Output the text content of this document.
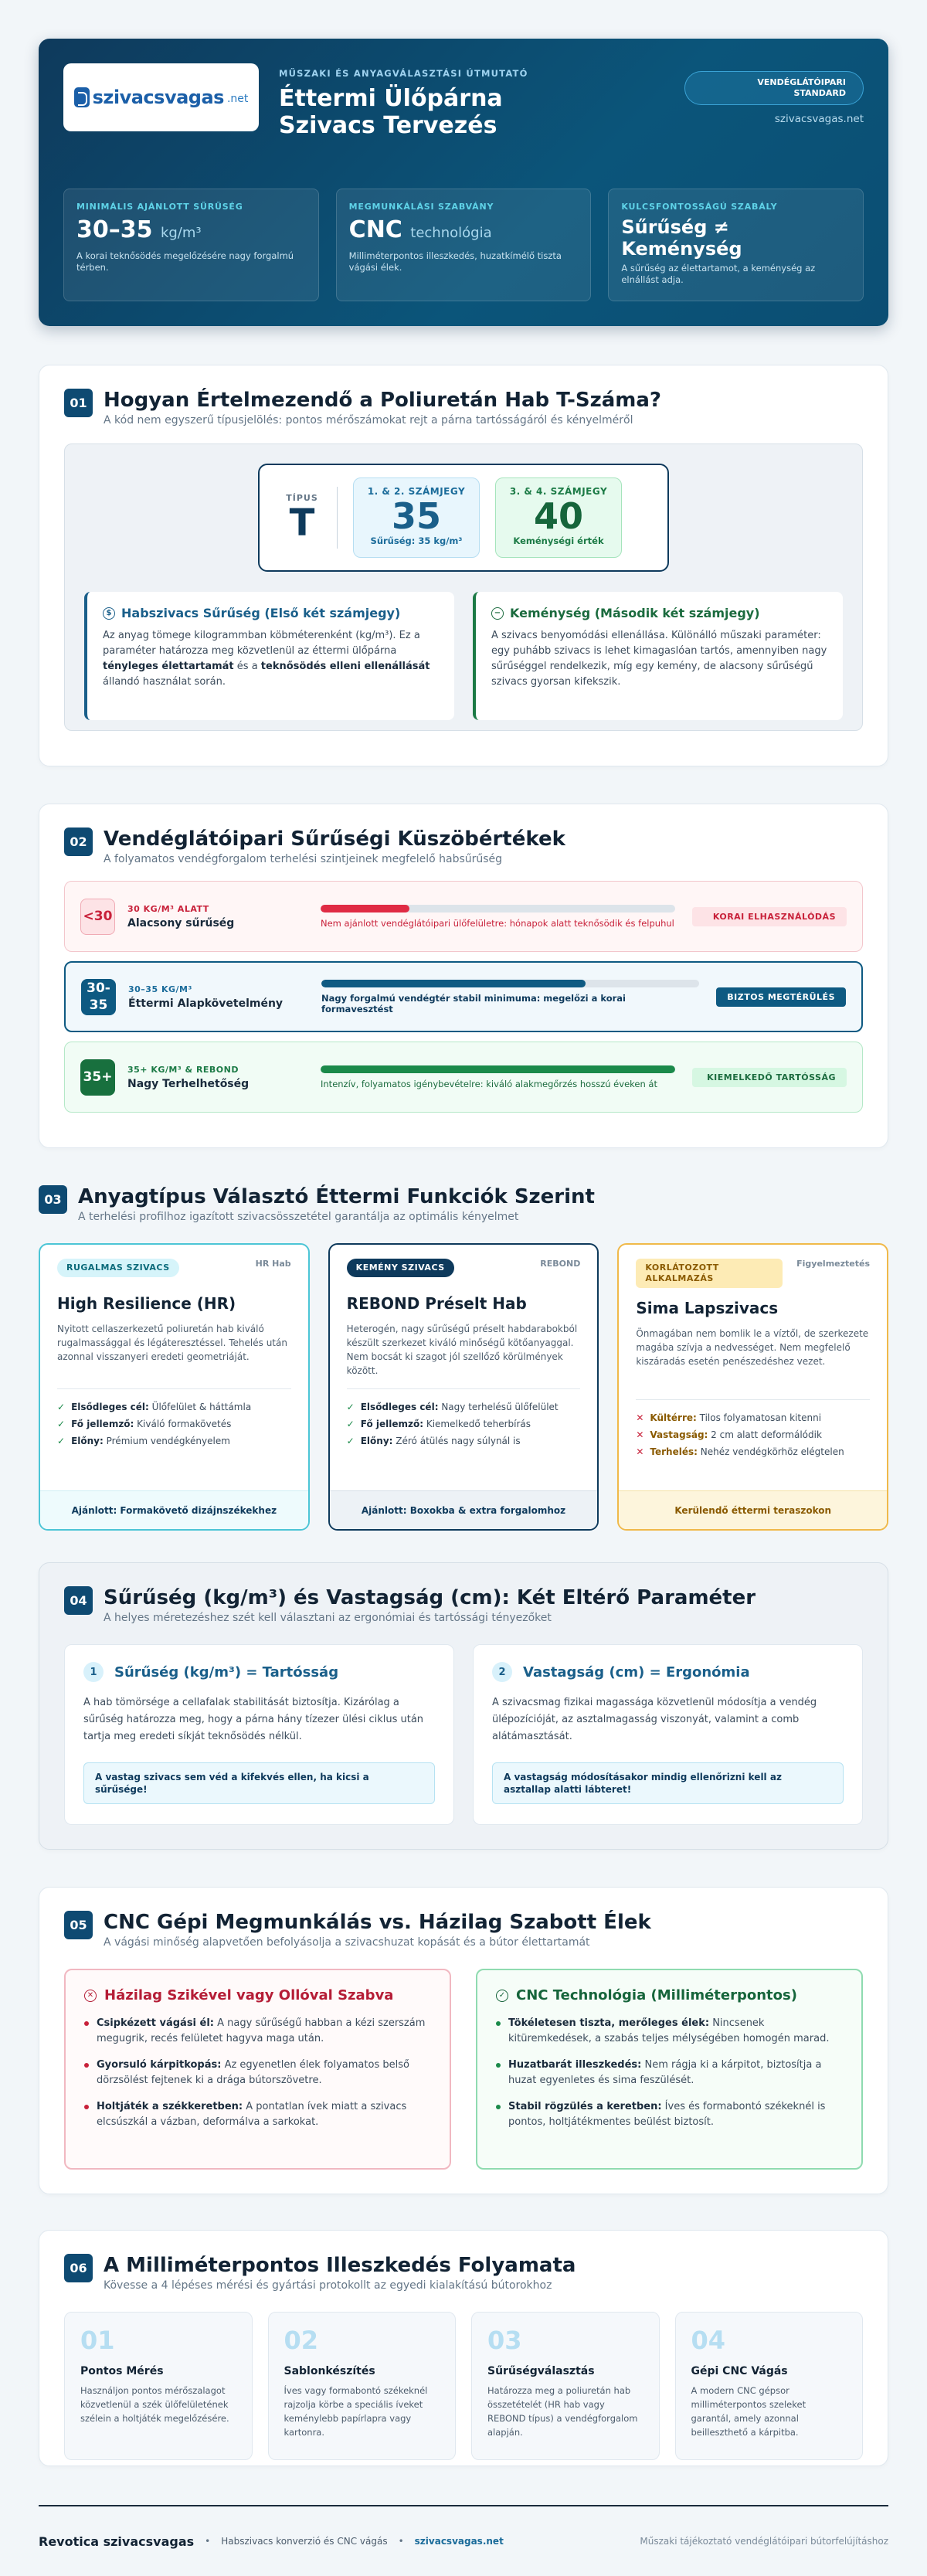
szivacsvagas .net
MŰSZAKI ÉS ANYAGVÁLASZTÁSI ÚTMUTATÓ
Éttermi Ülőpárna Szivacs Tervezés
VENDÉGLÁTÓIPARI STANDARD
szivacsvagas.net
MINIMÁLIS AJÁNLOTT SŰRŰSÉG
30–35 kg/m³
A korai teknősödés megelőzésére nagy forgalmú térben.
MEGMUNKÁLÁSI SZABVÁNY
CNC technológia
Milliméterpontos illeszkedés, huzatkímélő tiszta vágási élek.
KULCSFONTOSSÁGÚ SZABÁLY
Sűrűség ≠ Keménység
A sűrűség az élettartamot, a keménység az elnállást adja.
01 Hogyan Értelmezendő a Poliuretán Hab T-Száma?
A kód nem egyszerű típusjelölés: pontos mérőszámokat rejt a párna tartósságáról és kényelméről
TÍPUS
T
1. & 2. SZÁMJEGY
35
Sűrűség: 35 kg/m³
3. & 4. SZÁMJEGY
40
Keménységi érték
$ Habszivacs Sűrűség (Első két számjegy)
Az anyag tömege kilogrammban köbméterenként (kg/m³). Ez a paraméter határozza meg közvetlenül az éttermi ülőpárna tényleges élettartamát és a teknősödés elleni ellenállását állandó használat során.
− Keménység (Második két számjegy)
A szivacs benyomódási ellenállása. Különálló műszaki paraméter: egy puhább szivacs is lehet kimagaslóan tartós, amennyiben nagy sűrűséggel rendelkezik, míg egy kemény, de alacsony sűrűségű szivacs gyorsan kifekszik.
02 Vendéglátóipari Sűrűségi Küszöbértékek
A folyamatos vendégforgalom terhelési szintjeinek megfelelő habsűrűség
<30	30 KG/M³ ALATT
Alacsony sűrűség	Nem ajánlott vendéglátóipari ülőfelületre: hónapok alatt teknősödik és felpuhul
KORAI ELHASZNÁLÓDÁS
30-35
30–35 KG/M³
Éttermi Alapkövetelmény	Nagy forgalmú vendégtér stabil minimuma: megelőzi a korai formavesztést
BIZTOS MEGTÉRÜLÉS
35+	35+ KG/M³ & REBOND
Nagy Terhelhetőség	Intenzív, folyamatos igénybevételre: kiváló alakmegőrzés hosszú éveken át
KIEMELKEDŐ TARTÓSSÁG
03 Anyagtípus Választó Éttermi Funkciók Szerint
A terhelési profilhoz igazított szivacsösszetétel garantálja az optimális kényelmet
RUGALMAS SZIVACS	HR Hab
High Resilience (HR)
Nyitott cellaszerkezetű poliuretán hab kiváló rugalmassággal és légáteresztéssel. Tehelés után azonnal visszanyeri eredeti geometriáját.
✓ Elsődleges cél: Ülőfelület & háttámla
✓ Fő jellemző: Kiváló formakövetés
✓ Előny: Prémium vendégkényelem
Ajánlott: Formakövető dizájnszékekhez
KEMÉNY SZIVACS	REBOND
REBOND Préselt Hab
Heterogén, nagy sűrűségű préselt habdarabokból készült szerkezet kiváló minőségű kötőanyaggal. Nem bocsát ki szagot jól szellőző körülmények között.
✓ Elsődleges cél: Nagy terhelésű ülőfelület
✓ Fő jellemző: Kiemelkedő teherbírás
✓ Előny: Zéró átülés nagy súlynál is
Ajánlott: Boxokba & extra forgalomhoz
KORLÁTOZOTT ALKALMAZÁS
Figyelmeztetés
Sima Lapszivacs
Önmagában nem bomlik le a víztől, de szerkezete magába szívja a nedvességet. Nem megfelelő kiszáradás esetén penészedéshez vezet.
✕ Kültérre: Tilos folyamatosan kitenni
✕ Vastagság: 2 cm alatt deformálódik
✕ Terhelés: Nehéz vendégkörhöz elégtelen
Kerülendő éttermi teraszokon
04 Sűrűség (kg/m³) és Vastagság (cm): Két Eltérő Paraméter
A helyes méretezéshez szét kell választani az ergonómiai és tartóssági tényezőket
1	Sűrűség (kg/m³) = Tartósság
A hab tömörsége a cellafalak stabilitását biztosítja. Kizárólag a sűrűség határozza meg, hogy a párna hány tízezer ülési ciklus után tartja meg eredeti síkját teknősödés nélkül.
A vastag szivacs sem véd a kifekvés ellen, ha kicsi a sűrűsége!
2	Vastagság (cm) = Ergonómia
A szivacsmag fizikai magassága közvetlenül módosítja a vendég ülépozícióját, az asztalmagasság viszonyát, valamint a comb alátámasztását.
A vastagság módosításakor mindig ellenőrizni kell az asztallap alatti lábteret!
05 CNC Gépi Megmunkálás vs. Házilag Szabott Élek
A vágási minőség alapvetően befolyásolja a szivacshuzat kopását és a bútor élettartamát
✕ Házilag Szikével vagy Ollóval Szabva
Csipkézett vágási él: A nagy sűrűségű habban a kézi szerszám megugrik, recés felületet hagyva maga után.
Gyorsuló kárpitkopás: Az egyenetlen élek folyamatos belső dörzsölést fejtenek ki a drága bútorszövetre.
Holtjáték a székkeretben: A pontatlan ívek miatt a szivacs elcsúszkál a vázban, deformálva a sarkokat.
✓ CNC Technológia (Milliméterpontos)
Tökéletesen tiszta, merőleges élek: Nincsenek kitüremkedések, a szabás teljes mélységében homogén marad.
Huzatbarát illeszkedés: Nem rágja ki a kárpitot, biztosítja a huzat egyenletes és sima feszülését.
Stabil rögzülés a keretben: Íves és formabontó székeknél is pontos, holtjátékmentes beülést biztosít.
06 A Milliméterpontos Illeszkedés Folyamata
Kövesse a 4 lépéses mérési és gyártási protokollt az egyedi kialakítású bútorokhoz
01
Pontos Mérés
Használjon pontos mérőszalagot közvetlenül a szék ülőfelületének szélein a holtjáték megelőzésére.
02
Sablonkészítés
Íves vagy formabontó székeknél rajzolja körbe a speciális íveket keménylebb papírlapra vagy kartonra.
03
Sűrűségválasztás
Határozza meg a poliuretán hab összetételét (HR hab vagy REBOND típus) a vendégforgalom alapján.
04
Gépi CNC Vágás
A modern CNC gépsor milliméterpontos szeleket garantál, amely azonnal beilleszthető a kárpitba.
Revotica szivacsvagas • Habszivacs konverzió és CNC vágás • szivacsvagas.net	Műszaki tájékoztató vendéglátóipari bútorfelújításhoz
